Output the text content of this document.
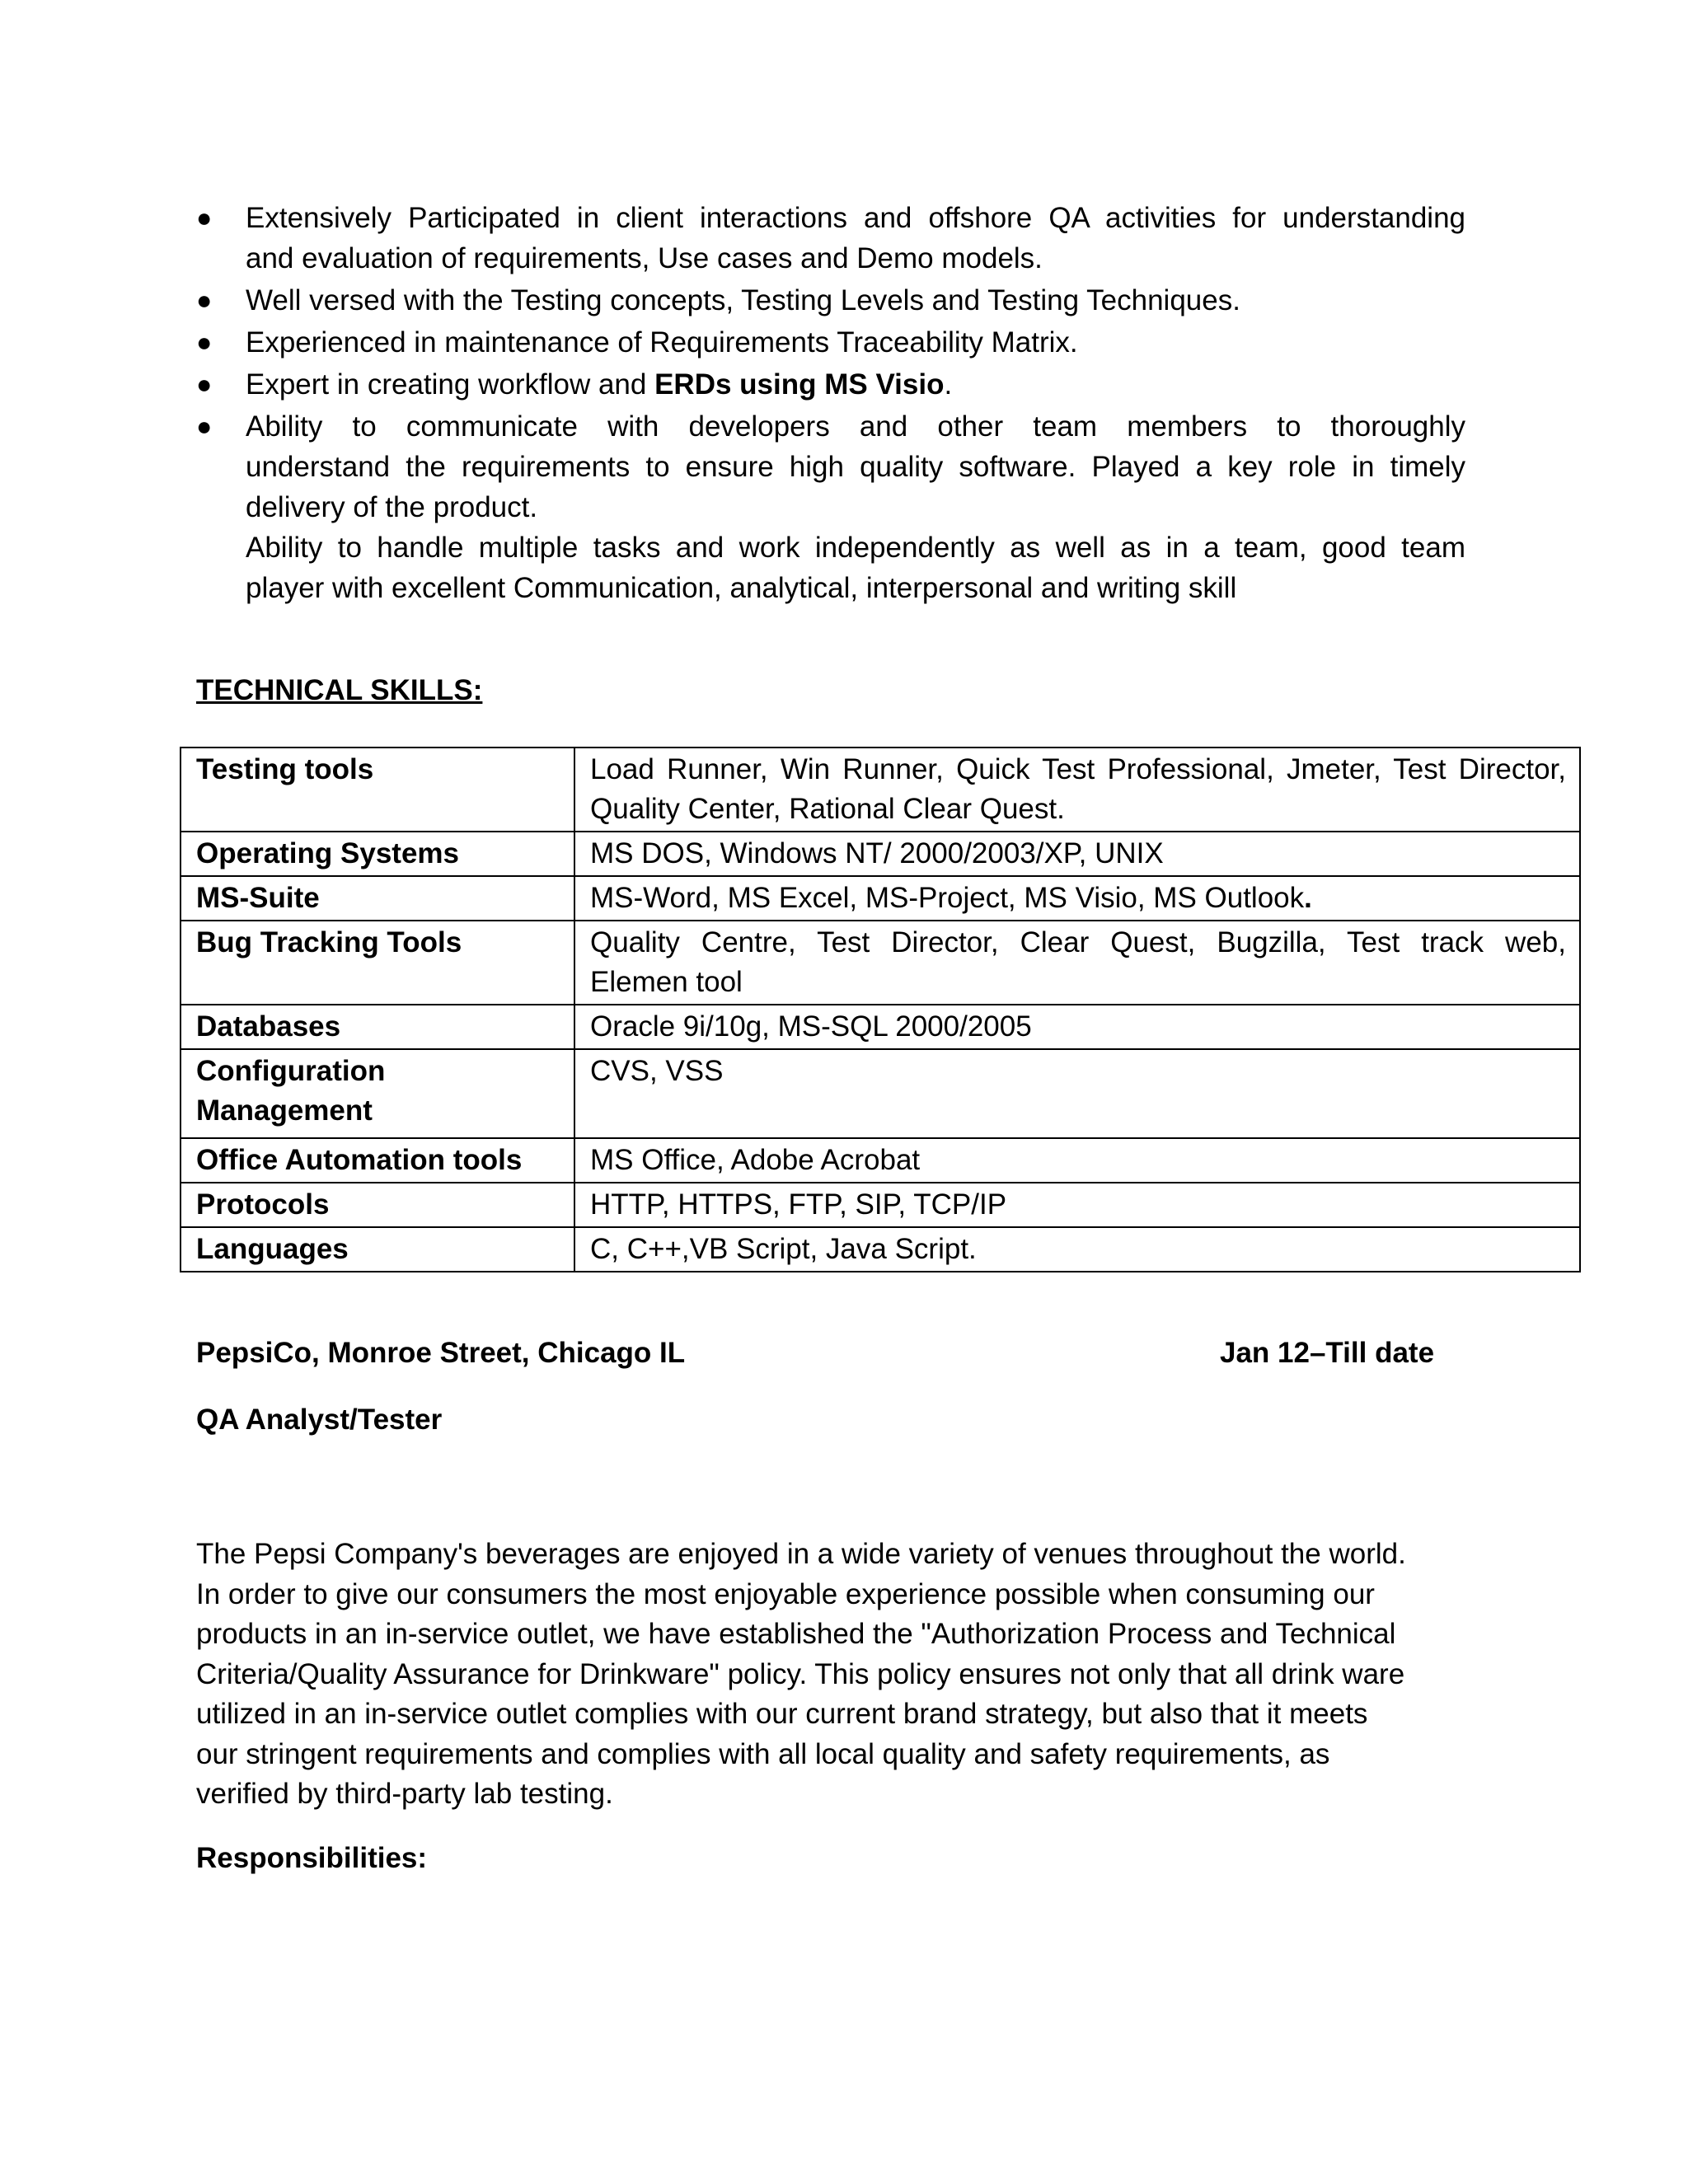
●	Extensively Participated in client interactions and offshore QA activities for understanding
and evaluation of requirements, Use cases and Demo models.
●	Well versed with the Testing concepts, Testing Levels and Testing Techniques.
●	Experienced in maintenance of Requirements Traceability Matrix.
●	Expert in creating workflow and ERDs using MS Visio.
●	Ability to communicate with developers and other team members to thoroughly
understand the requirements to ensure high quality software. Played a key role in timely
delivery of the product.
Ability to handle multiple tasks and work independently as well as in a team, good team
player with excellent Communication, analytical, interpersonal and writing skill
TECHNICAL SKILLS:
Testing tools	Load Runner, Win Runner, Quick Test Professional, Jmeter, Test Director,
Quality Center, Rational Clear Quest.

Operating Systems	MS DOS, Windows NT/ 2000/2003/XP, UNIX
MS-Suite	MS-Word, MS Excel, MS-Project, MS Visio, MS Outlook.
Bug Tracking Tools	Quality Centre, Test Director, Clear Quest, Bugzilla, Test track web,
Elemen tool

Databases	Oracle 9i/10g, MS-SQL 2000/2005

Configuration
Management	CVS, VSS
Office Automation tools	MS Office, Adobe Acrobat
Protocols	HTTP, HTTPS, FTP, SIP, TCP/IP
Languages	C, C++,VB Script, Java Script.
PepsiCo, Monroe Street, Chicago IL	Jan 12–Till date
QA Analyst/Tester
The Pepsi Company's beverages are enjoyed in a wide variety of venues throughout the world.
In order to give our consumers the most enjoyable experience possible when consuming our
products in an in-service outlet, we have established the "Authorization Process and Technical
Criteria/Quality Assurance for Drinkware" policy. This policy ensures not only that all drink ware
utilized in an in-service outlet complies with our current brand strategy, but also that it meets
our stringent requirements and complies with all local quality and safety requirements, as
verified by third-party lab testing.
Responsibilities:
